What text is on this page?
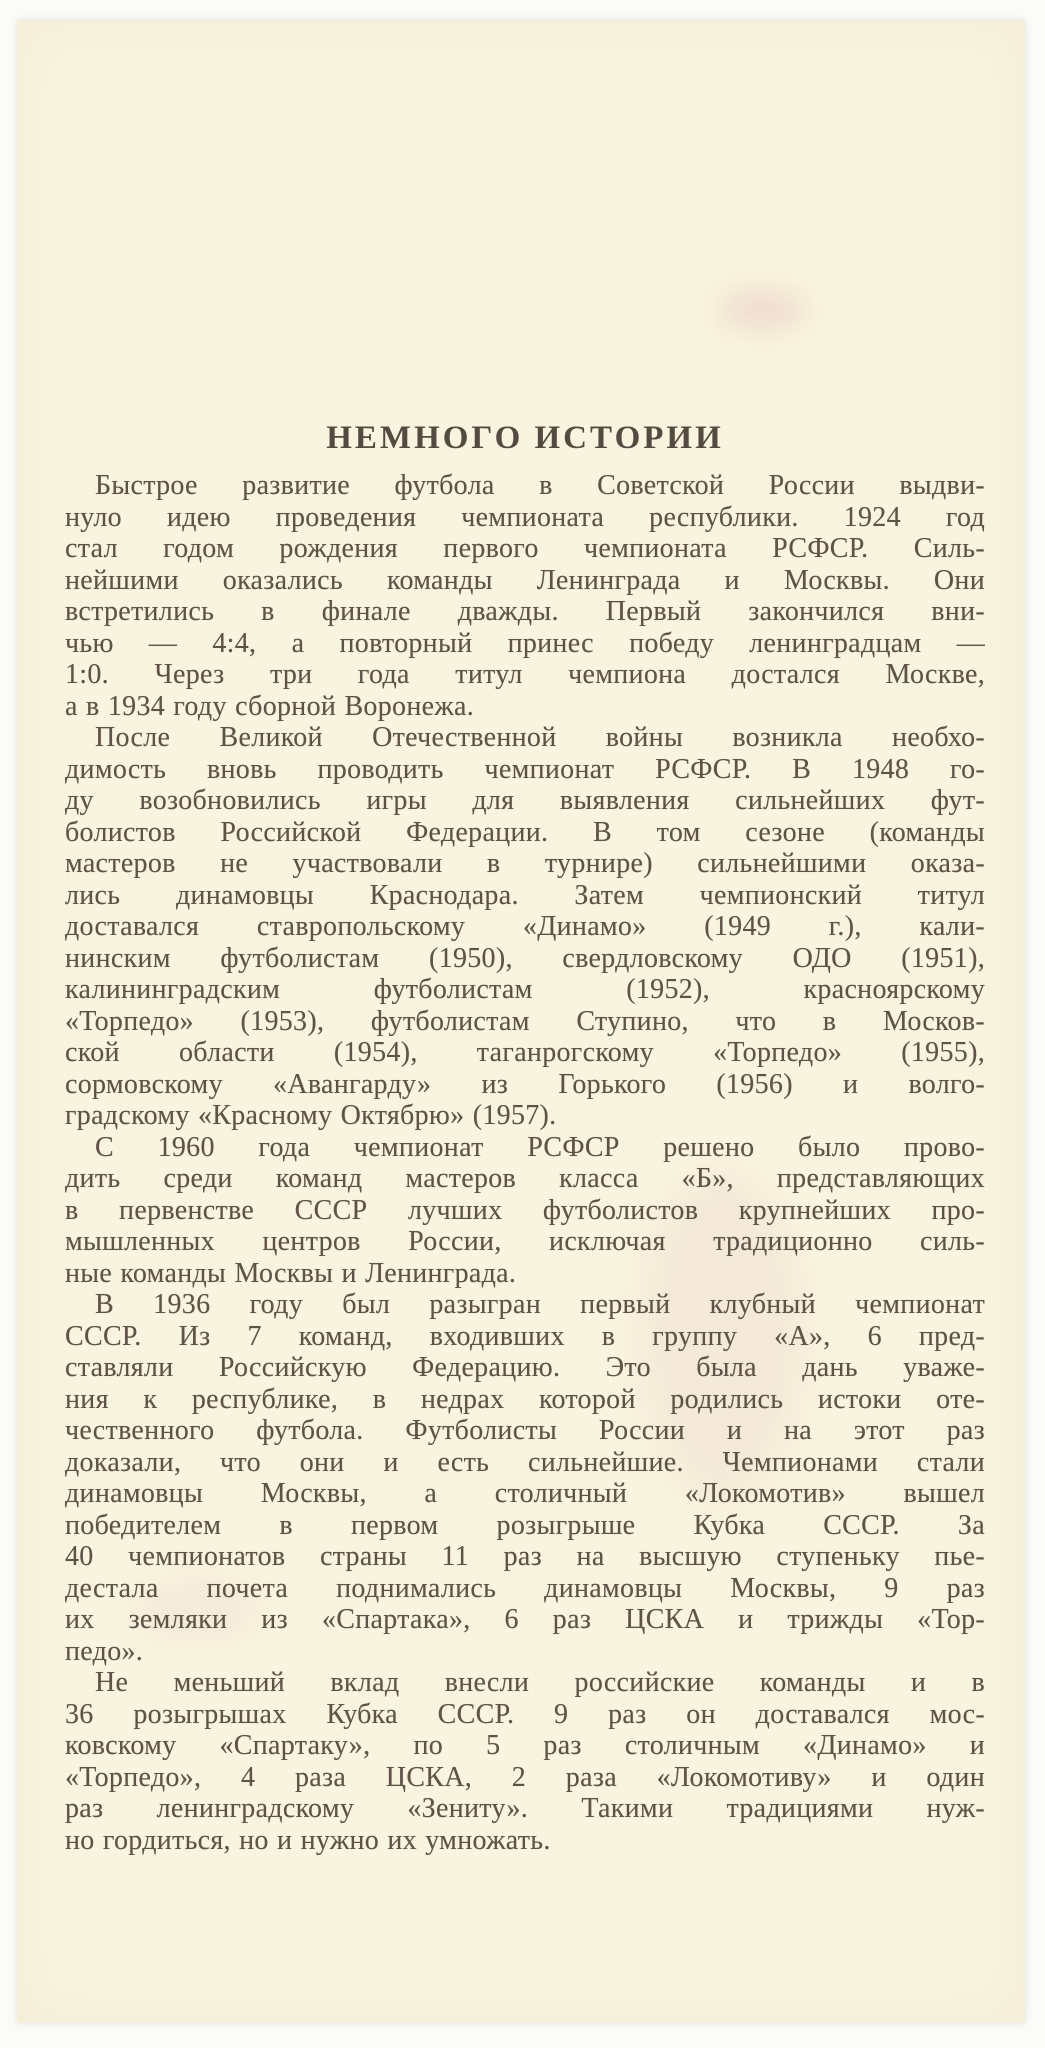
НЕМНОГО ИСТОРИИ

Быстрое развитие футбола в Советской России выдви-
нуло идею проведения чемпионата республики. 1924 год
стал годом рождения первого чемпионата РСФСР. Силь-
нейшими оказались команды Ленинграда и Москвы. Они
встретились в финале дважды. Первый закончился вни-
чью — 4:4, а повторный принес победу ленинградцам —
1:0. Через три года титул чемпиона достался Москве,
а в 1934 году сборной Воронежа.

После Великой Отечественной войны возникла необхо-
димость вновь проводить чемпионат РСФСР. В 1948 го-
ду возобновились игры для выявления сильнейших фут-
болистов Российской Федерации. В том сезоне (команды
мастеров не участвовали в турнире) сильнейшими оказа-
лись динамовцы Краснодара. Затем чемпионский титул
доставался ставропольскому «Динамо» (1949 г.), кали-
нинским футболистам (1950), свердловскому ОДО (1951),
калининградским футболистам (1952), красноярскому
«Торпедо» (1953), футболистам Ступино, что в Москов-
ской области (1954), таганрогскому «Торпедо» (1955),
сормовскому «Авангарду» из Горького (1956) и волго-
градскому «Красному Октябрю» (1957).

С 1960 года чемпионат РСФСР решено было прово-
дить среди команд мастеров класса «Б», представляющих
в первенстве СССР лучших футболистов крупнейших про-
мышленных центров России, исключая традиционно силь-
ные команды Москвы и Ленинграда.

В 1936 году был разыгран первый клубный чемпионат
СССР. Из 7 команд, входивших в группу «А», 6 пред-
ставляли Российскую Федерацию. Это была дань уваже-
ния к республике, в недрах которой родились истоки оте-
чественного футбола. Футболисты России и на этот раз
доказали, что они и есть сильнейшие. Чемпионами стали
динамовцы Москвы, а столичный «Локомотив» вышел
победителем в первом розыгрыше Кубка СССР. За
40 чемпионатов страны 11 раз на высшую ступеньку пье-
дестала почета поднимались динамовцы Москвы, 9 раз
их земляки из «Спартака», 6 раз ЦСКА и трижды «Тор-
педо».

Не меньший вклад внесли российские команды и в
36 розыгрышах Кубка СССР. 9 раз он доставался мос-
ковскому «Спартаку», по 5 раз столичным «Динамо» и
«Торпедо», 4 раза ЦСКА, 2 раза «Локомотиву» и один
раз ленинградскому «Зениту». Такими традициями нуж-
но гордиться, но и нужно их умножать.
